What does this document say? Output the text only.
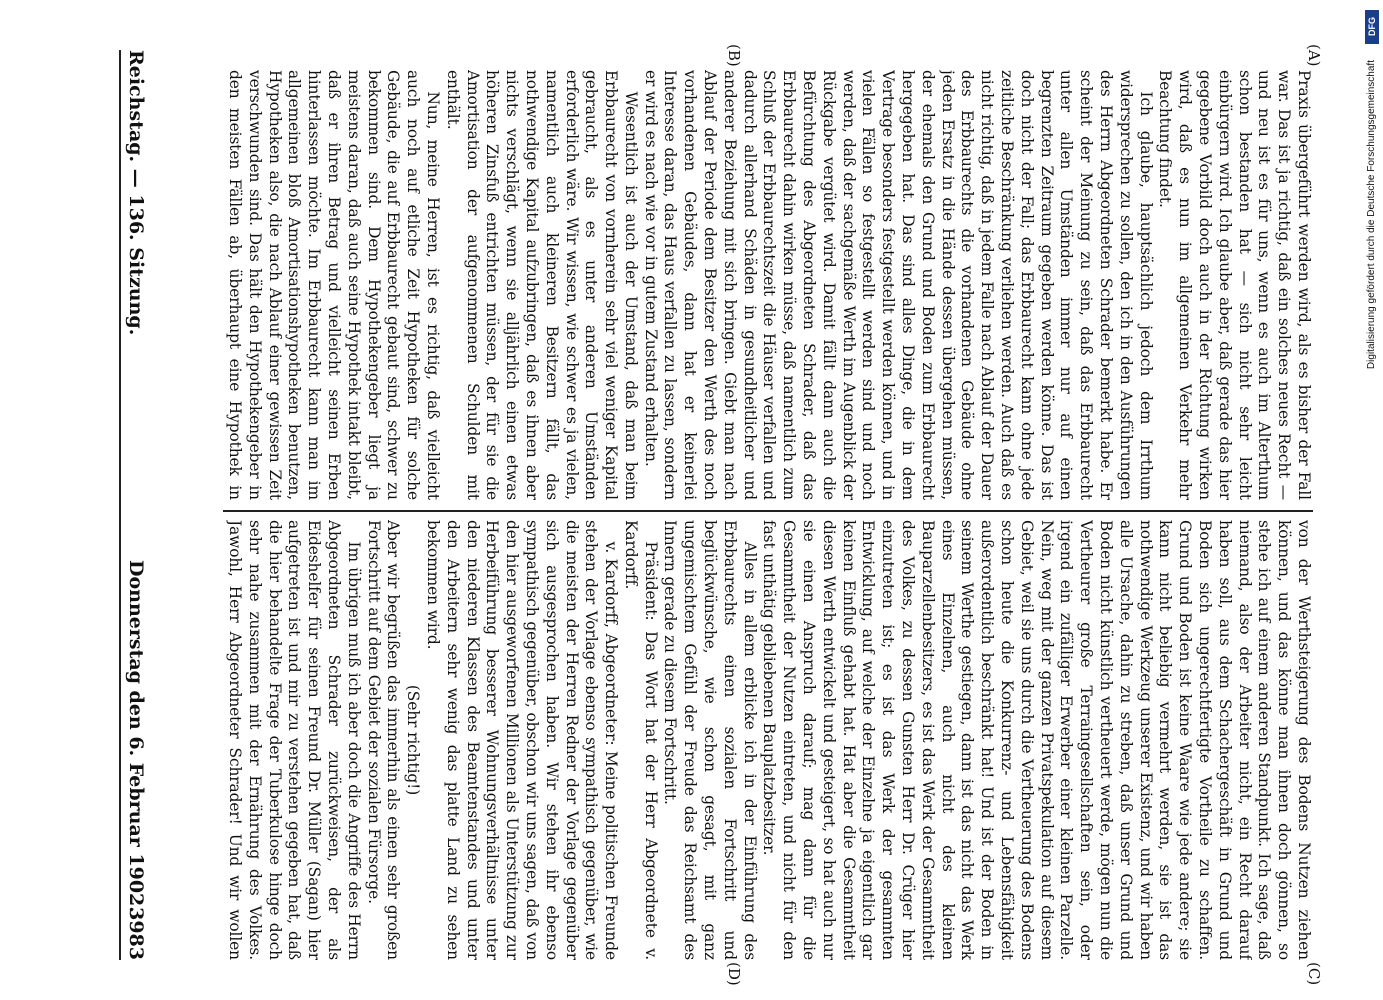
Praxis übergeführt werden wird, als es bisher der Fall war. Das ist ja richtig, daß ein solches neues Recht — und neu ist es für uns, wenn es auch im Alterthum schon bestanden hat — sich nicht sehr leicht einbürgern wird. Ich glaube aber, daß gerade das hier gegebene Vorbild doch auch in der Richtung wirken wird, daß es nun im allgemeinen Verkehr mehr Beachtung findet.

Ich glaube, hauptsächlich jedoch dem Irrthum widersprechen zu sollen, den ich in den Ausführungen des Herrn Abgeordneten Schrader bemerkt habe. Er scheint der Meinung zu sein, daß das Erbbaurecht unter allen Umständen immer nur auf einen begrenzten Zeitraum gegeben werden könne. Das ist doch nicht der Fall; das Erbbaurecht kann ohne jede zeitliche Beschränkung verliehen werden. Auch daß es nicht richtig, daß in jedem Falle nach Ablauf der Dauer des Erbbaurechts die vorhandenen Gebäude ohne jeden Ersatz in die Hände dessen übergehen müssen, der ehemals den Grund und Boden zum Erbbaurecht hergegeben hat. Das sind alles Dinge, die in dem Vertrage besonders festgestellt werden können, und in vielen Fällen so festgestellt werden sind und noch werden, daß der sachgemäße Werth im Augenblick der Rückgabe vergütet wird. Damit fällt dann auch die Befürchtung des Abgeordneten Schrader, daß das Erbbaurecht dahin wirken müsse, daß namentlich zum Schluß der Erbbaurechtszeit die Häuser verfallen und dadurch allerhand Schäden in gesundheitlicher und anderer Beziehung mit sich bringen. Giebt man nach Ablauf der Periode dem Besitzer den Werth des noch vorhandenen Gebäudes, dann hat er keinerlei Interesse daran, das Haus verfallen zu lassen, sondern er wird es nach wie vor in gutem Zustand erhalten.

Wesentlich ist auch der Umstand, daß man beim Erbbaurecht von vornherein sehr viel weniger Kapital gebraucht, als es unter anderen Umständen erforderlich wäre. Wir wissen, wie schwer es ja vielen, namentlich auch kleineren Besitzern fällt, das nothwendige Kapital aufzubringen, daß es ihnen aber nichts verschlägt, wenn sie alljährlich einen etwas höheren Zinsfuß entrichten müssen, der für sie die Amortisation der aufgenommenen Schulden mit enthält.

Nun, meine Herren, ist es richtig, daß vielleicht auch noch auf etliche Zeit Hypotheken für solche Gebäude, die auf Erbbaurecht gebaut sind, schwer zu bekommen sind. Dem Hypothekengeber liegt ja meistens daran, daß auch seine Hypothek intakt bleibt, daß er ihren Betrag und vielleicht seinen Erben hinterlassen möchte. Im Erbbaurecht kann man im allgemeinen bloß Amortisationshypotheken benutzen, Hypotheken also, die nach Ablauf einer gewissen Zeit verschwunden sind. Das hält den Hypothekengeber in den meisten Fällen ab, überhaupt eine Hypothek in

von der Werthsteigerung des Bodens Nutzen ziehen können, und das könne man ihnen doch gönnen, so stehe ich auf einem anderen Standpunkt. Ich sage, daß niemand, also der Arbeiter nicht, ein Recht darauf haben soll, aus dem Schachergeschäft in Grund und Boden sich ungerechtfertigte Vortheile zu schaffen. Grund und Boden ist keine Waare wie jede andere; sie kann nicht beliebig vermehrt werden, sie ist das nothwendige Werkzeug unserer Existenz, und wir haben alle Ursache, dahin zu streben, daß unser Grund und Boden nicht künstlich vertheuert werde, mögen nun die Vertheurer große Terraingesellschaften sein, oder irgend ein zufälliger Erwerber einer kleinen Parzelle. Nein, weg mit der ganzen Privatspekulation auf diesem Gebiet, weil sie uns durch die Vertheuerung des Bodens schon heute die Konkurrenz- und Lebensfähigkeit außerordentlich beschränkt hat! Und ist der Boden in seinem Werthe gestiegen, dann ist das nicht das Werk eines Einzelnen, auch nicht des kleinen Bauparzellenbesitzers, es ist das Werk der Gesammtheit des Volkes, zu dessen Gunsten Herr Dr. Crüger hier einzutreten ist; es ist das Werk der gesammten Entwicklung, auf welche der Einzelne ja eigentlich gar keinen Einfluß gehabt hat. Hat aber die Gesammtheit diesen Werth entwickelt und gesteigert, so hat auch nur sie einen Anspruch darauf; mag dann für die Gesammtheit der Nutzen eintreten, und nicht für den fast unthätig gebliebenen Bauplatzbesitzer.

Alles in allem erblicke ich in der Einführung des Erbbaurechts einen sozialen Fortschritt und beglückwünsche, wie schon gesagt, mit ganz ungemischtem Gefühl der Freude das Reichsamt des Innern gerade zu diesem Fortschritt.

Präsident: Das Wort hat der Herr Abgeordnete v. Kardorff.

v. Kardorff, Abgeordneter: Meine politischen Freunde stehen der Vorlage ebenso sympathisch gegenüber, wie die meisten der Herren Redner der Vorlage gegenüber sich ausgesprochen haben. Wir stehen ihr ebenso sympathisch gegenüber, obschon wir uns sagen, daß von den hier ausgeworfenen Millionen als Unterstützung zur Herbeiführung besserer Wohnungsverhältnisse unter den niederen Klassen des Beamtenstandes und unter den Arbeitern sehr wenig das platte Land zu sehen bekommen wird.

(Sehr richtig!)

Aber wir begrüßen das immerhin als einen sehr großen Fortschritt auf dem Gebiet der sozialen Fürsorge.

Im übrigen muß ich aber doch die Angriffe des Herrn Abgeordneten Schrader zurückweisen, der als Eideshelfer für seinen Freund Dr. Müller (Sagan) hier aufgetreten ist und mir zu verstehen gegeben hat, daß die hier behandelte Frage der Tuberkulose hinge doch sehr nahe zusammen mit der Ernährung des Volkes. Jawohl, Herr Abgeordneter Schrader! Und wir wollen

(A)
(B)
(C)
(D)
Reichstag. — 136. Sitzung.
Donnerstag den 6. Februar 1902.
3983
DFG
Digitalisierung gefördert durch die Deutsche Forschungsgemeinschaft
